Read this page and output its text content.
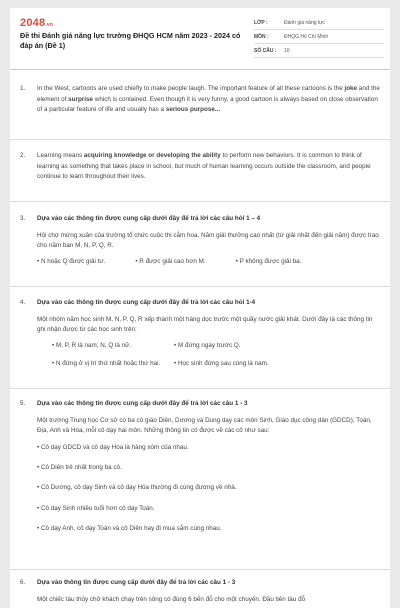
2048.vn
Đề thi Đánh giá năng lực trường ĐHQG HCM năm 2023 - 2024 có đáp án (Đề 1)
LỚP :	Đánh giá năng lực
MÔN :	ĐHQG Hồ Chí Minh
SỐ CÂU :	10
1. In the West, cartoons are used chiefly to make people laugh. The important feature of all these cartoons is the joke and the element of surprise which is contained. Even though it is very funny, a good cartoon is always based on close observation of a particular feature of life and usually has a serious purpose...
2. Learning means acquiring knowledge or developing the ability to perform new behaviors. It is common to think of learning as something that takes place in school, but much of human learning occurs outside the classroom, and people continue to learn throughout their lives.
3. Dựa vào các thông tin được cung cấp dưới đây để trả lời các câu hỏi 1 – 4
Hội chợ mừng xuân của trường tổ chức cuộc thi cắm hoa. Năm giải thưởng cao nhất (từ giải nhất đến giải năm) được trao cho năm bạn M, N, P, Q, R.
• N hoặc Q được giải tư.	• R được giải cao hơn M.	• P không được giải ba.
4. Dựa vào các thông tin được cung cấp dưới đây để trả lời các câu hỏi 1-4
Một nhóm năm học sinh M, N, P, Q, R xếp thành một hàng dọc trước một quầy nước giải khát. Dưới đây là các thông tin ghi nhận được từ các học sinh trên:
• M, P, R là nam; N, Q là nữ.	• M đứng ngay trước Q.
• N đứng ở vị trí thứ nhất hoặc thứ hai.	• Học sinh đứng sau cùng là nam.
5. Dựa vào các thông tin được cung cấp dưới đây để trả lời các câu 1 - 3
Một trường Trung học Cơ sở có ba cô giáo Diên, Dương và Dung dạy các môn Sinh, Giáo dục công dân (GDCD), Toán, Địa, Anh và Hóa, mỗi cô dạy hai môn. Những thông tin có được về các cô như sau:
• Cô dạy GDCD và cô dạy Hóa là hàng xóm của nhau.
• Cô Diên trẻ nhất trong ba cô.
• Cô Dương, cô dạy Sinh và cô dạy Hóa thường đi cùng đường về nhà.
• Cô dạy Sinh nhiều tuổi hơn cô dạy Toán.
• Cô dạy Anh, cô dạy Toán và cô Diên hay đi mua sắm cùng nhau.
6. Dựa vào thông tin được cung cấp dưới đây để trả lời các câu 1 - 3
Một chiếc tàu thủy chở khách chạy trên sông có đúng 6 bến đỗ cho một chuyến. Đầu tiên tàu đỗ
